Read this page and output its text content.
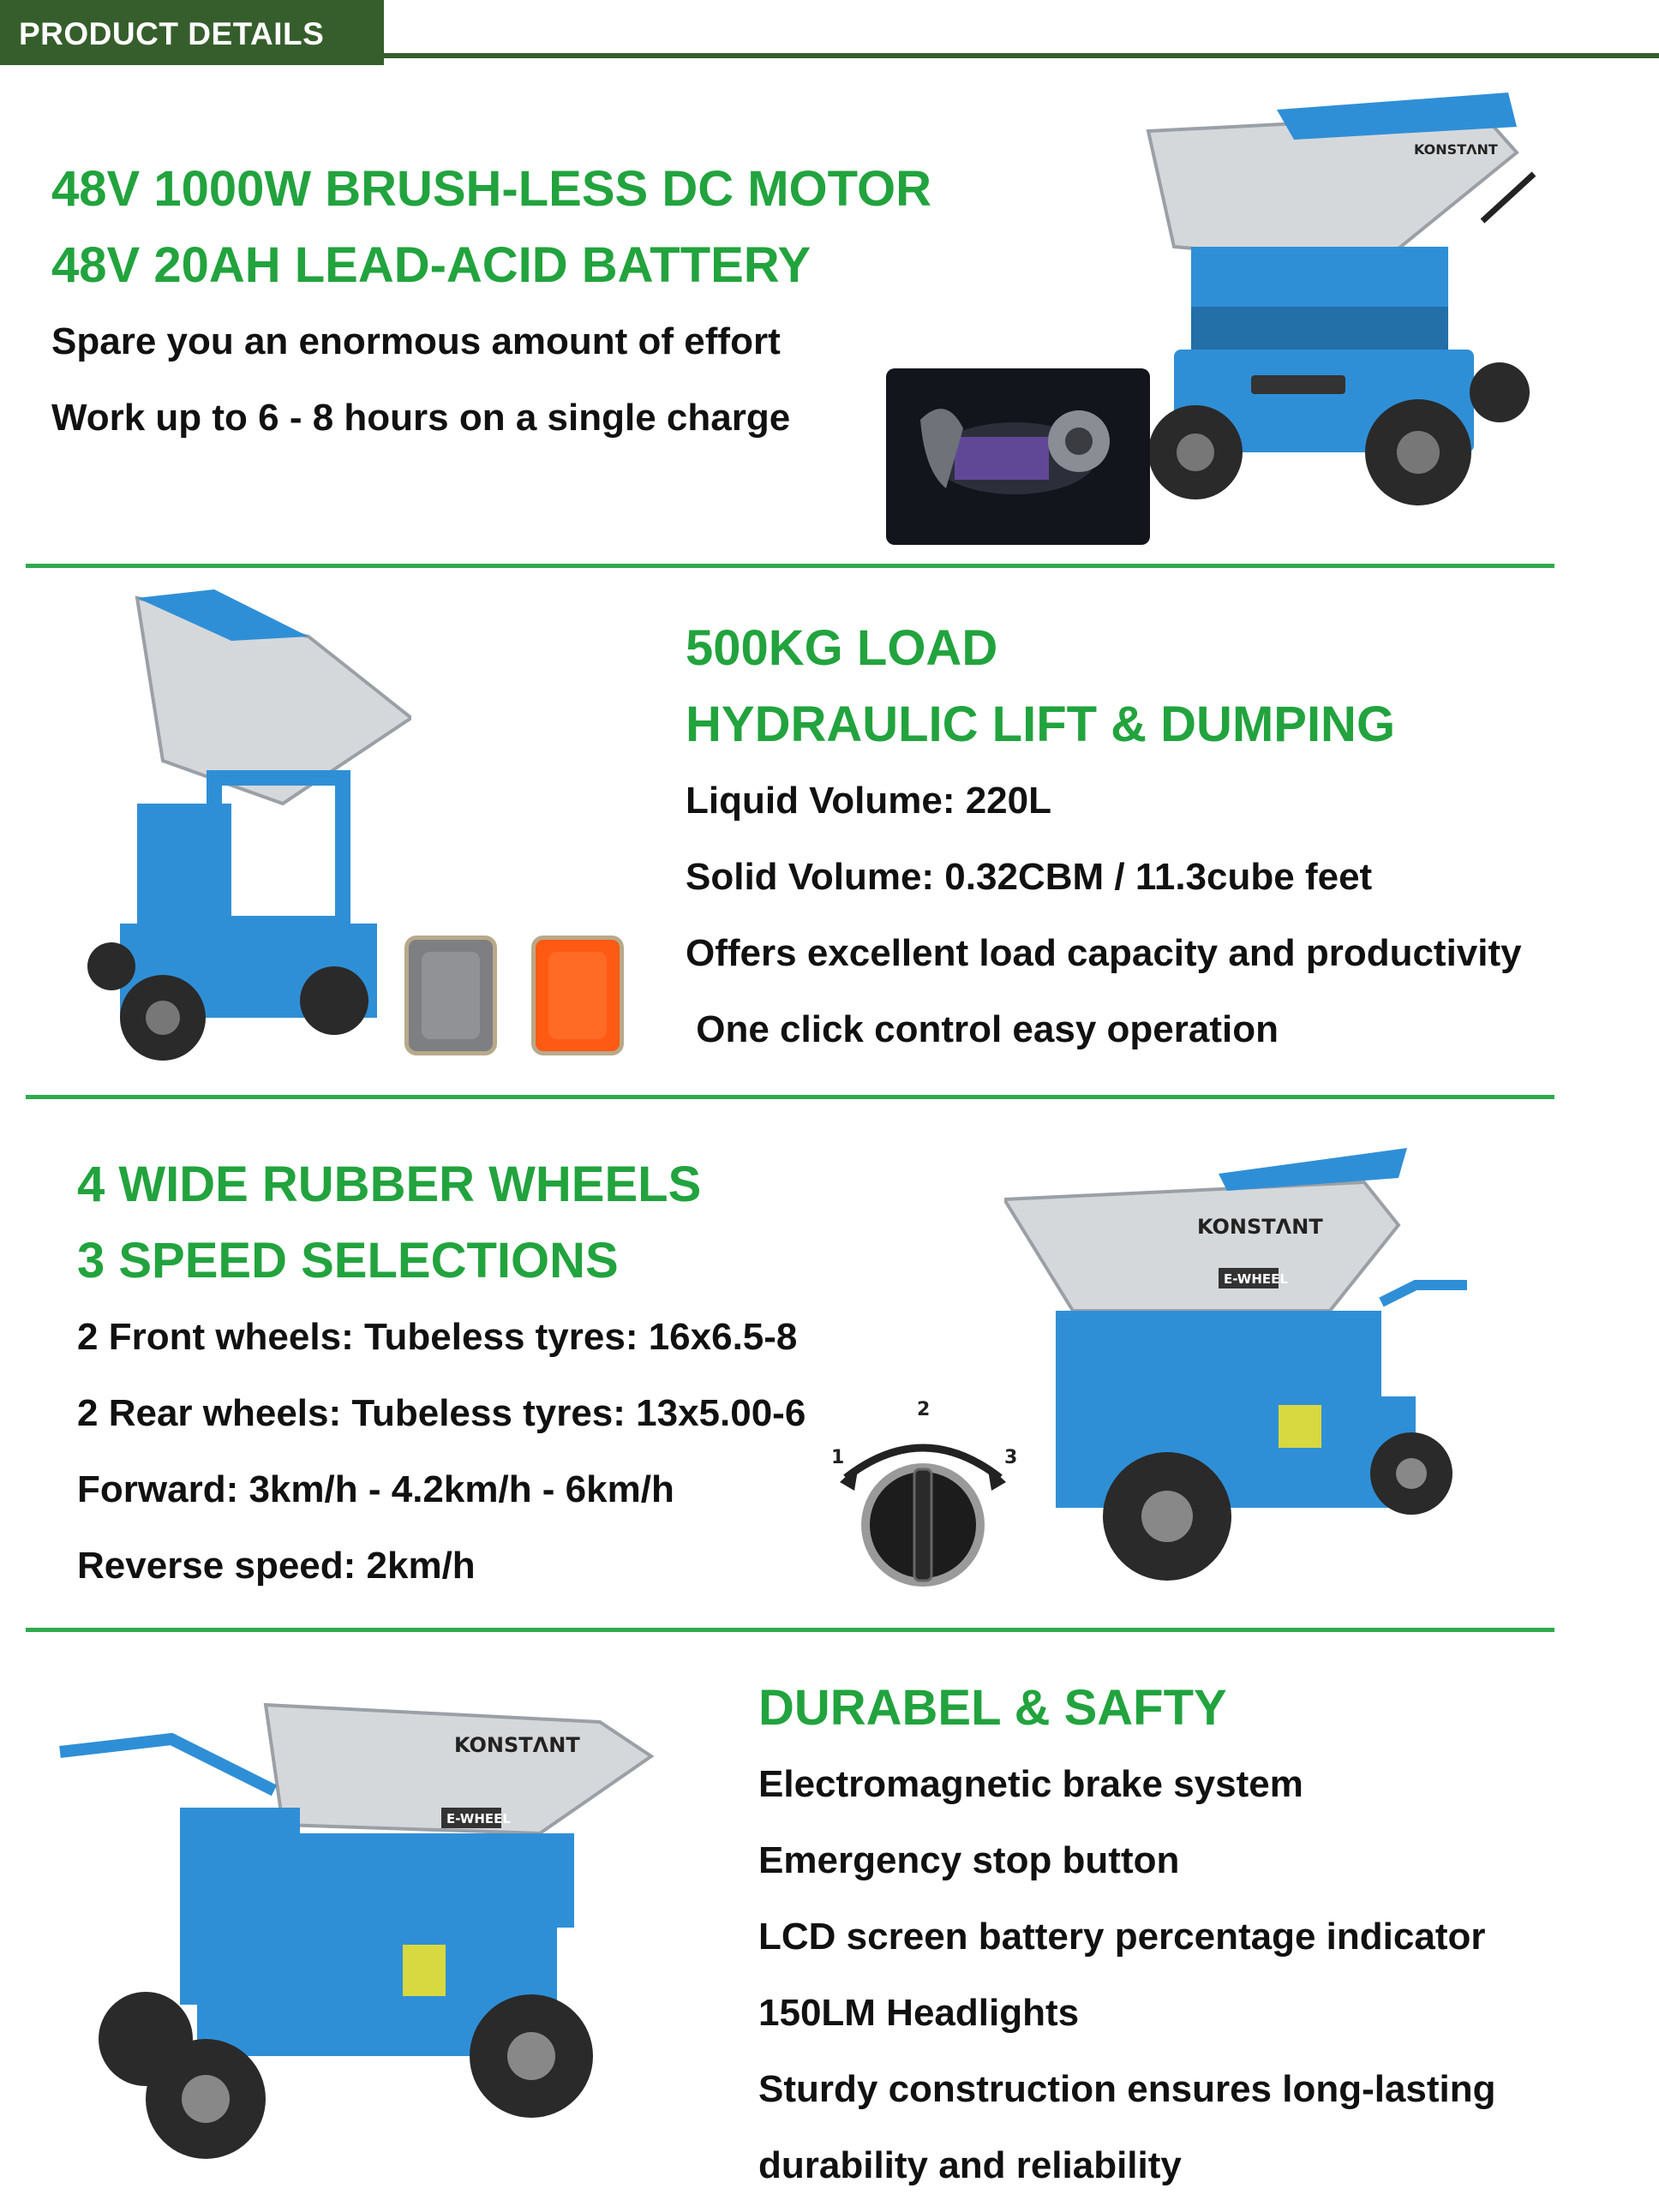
PRODUCT DETAILS

48V 1000W BRUSH-LESS DC MOTOR

48V 20AH LEAD-ACID BATTERY

Spare you an enormous amount of effort

Work up to 6 - 8 hours on a single charge

KONSTΛNT

500KG LOAD

HYDRAULIC LIFT & DUMPING

Liquid Volume: 220L

Solid Volume: 0.32CBM / 11.3cube feet

Offers excellent load capacity and productivity

One click control easy operation

4 WIDE RUBBER WHEELS

3 SPEED SELECTIONS

2 Front wheels: Tubeless tyres: 16x6.5-8

2 Rear wheels: Tubeless tyres: 13x5.00-6

Forward: 3km/h - 4.2km/h - 6km/h

Reverse speed: 2km/h

1
2
3
KONSTΛNT
E-WHEEL
KONSTΛNT
E-WHEEL

DURABEL & SAFTY

Electromagnetic brake system

Emergency stop button

LCD screen battery percentage indicator

150LM Headlights

Sturdy construction ensures long-lasting

durability and reliability
